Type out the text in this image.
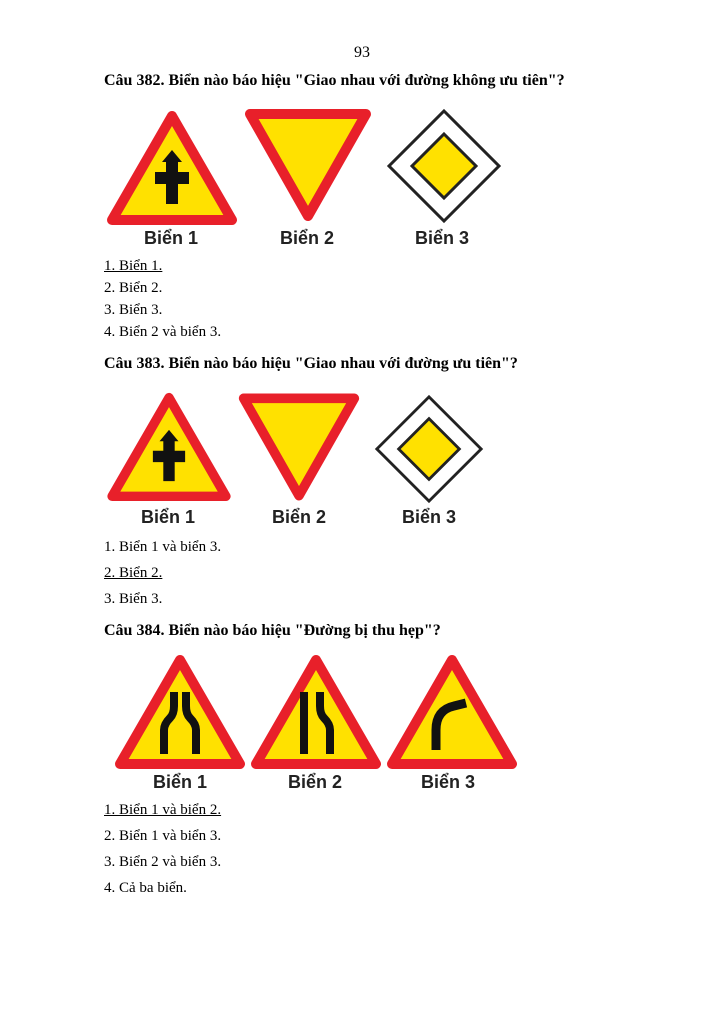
93
Câu 382. Biển nào báo hiệu "Giao nhau với đường không ưu tiên"?
Biển 1	Biển 2	Biển 3
1. Biển 1.
2. Biển 2.
3. Biển 3.
4. Biển 2 và biển 3.
Câu 383. Biển nào báo hiệu "Giao nhau với đường ưu tiên"?
Biển 1	Biển 2	Biển 3
1. Biển 1 và biển 3.
2. Biển 2.
3. Biển 3.
Câu 384. Biển nào báo hiệu "Đường bị thu hẹp"?
Biển 1	Biển 2	Biển 3
1. Biển 1 và biển 2.
2. Biển 1 và biển 3.
3. Biển 2 và biển 3.
4. Cả ba biển.
